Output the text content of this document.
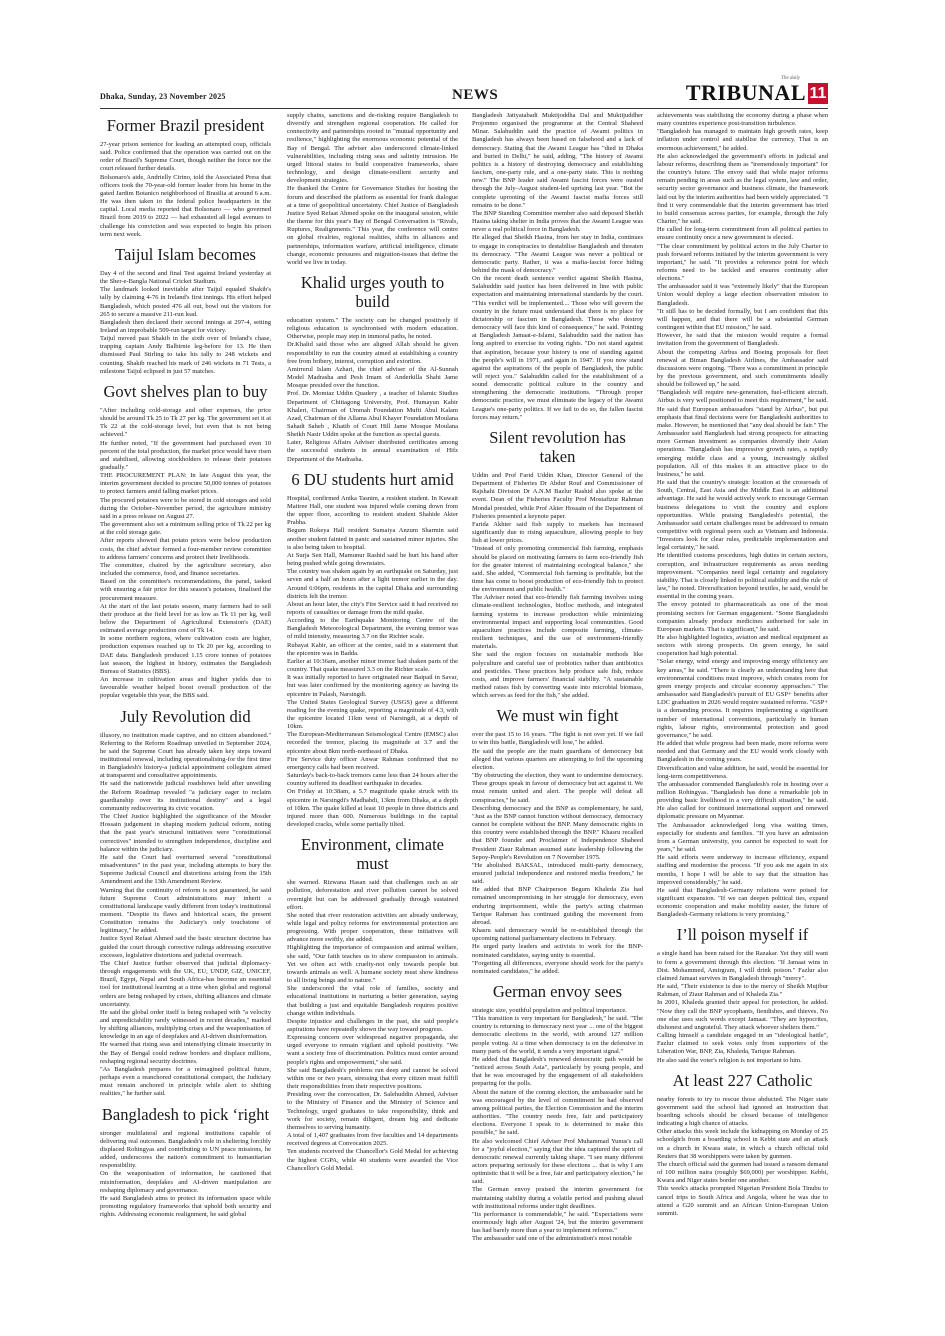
Dhaka, Sunday, 23 November 2025	NEWS
The daily
TRIBUNAL 11
Former Brazil president

27-year prison sentence for leading an attempted coup, officials said. Police confirmed that the operation was carried out on the order of Brazil's Supreme Court, though neither the force nor the court released further details.

Bolsonaro's aide, Andrielly Cirino, told the Associated Press that officers took the 70-year-old former leader from his home in the gated Jardim Botanico neighborhood of Brasilia at around 6 a.m. He was then taken to the federal police headquarters in the capital. Local media reported that Bolsonaro — who governed Brazil from 2019 to 2022 — had exhausted all legal avenues to challenge his conviction and was expected to begin his prison term next week.

Taijul Islam becomes

Day 4 of the second and final Test against Ireland yesterday at the Sher-e-Bangla National Cricket Stadium.

The landmark looked inevitable after Taijul equaled Shakib's tally by claiming 4-76 in Ireland's first innings. His effort helped Bangladesh, which posted 476 all out, bowl out the visitors for 265 to secure a massive 211-run lead.

Bangladesh then declared their second innings at 297-4, setting Ireland an improbable 509-run target for victory.

Taijul moved past Shakib in the sixth over of Ireland's chase, trapping captain Andy Balbirnie leg-before for 13. He then dismissed Paul Stirling to take his tally to 248 wickets and counting. Shakib reached his mark of 246 wickets in 71 Tests, a milestone Taijul eclipsed in just 57 matches.

Govt shelves plan to buy

"After including cold-storage and other expenses, the price should be around Tk 25 to Tk 27 per kg. The government set it at Tk 22 at the cold-storage level, but even that is not being achieved."

He further noted, "If the government had purchased even 10 percent of the total production, the market price would have risen and stabilised, allowing stockholders to release their potatoes gradually."

THE PROCUREMENT PLAN: In late August this year, the interim government decided to procure 50,000 tonnes of potatoes to protect farmers amid falling market prices.

The procured potatoes were to be stored in cold storages and sold during the October–November period, the agriculture ministry said in a press release on August 27.

The government also set a minimum selling price of Tk 22 per kg at the cold storage gate.

After reports showed that potato prices were below production costs, the chief adviser formed a four-member review committee to address farmers' concerns and protect their livelihoods.

The committee, chaired by the agriculture secretary, also included the commerce, food, and finance secretaries.

Based on the committee's recommendations, the panel, tasked with ensuring a fair price for this season's potatoes, finalised the procurement measure.

At the start of the last potato season, many farmers had to sell their produce at the field level for as low as Tk 11 per kg, well below the Department of Agricultural Extension's (DAE) estimated average production cost of Tk 14.

In some northern regions, where cultivation costs are higher, production expenses reached up to Tk 20 per kg, according to DAE data. Bangladesh produced 1.15 crore tonnes of potatoes last season, the highest in history, estimates the Bangladesh Bureau of Statistics (BBS).

An increase in cultivation areas and higher yields due to favourable weather helped boost overall production of the popular vegetable this year, the BBS said.

July Revolution did

illusory, no institution made captive, and no citizen abandoned." Referring to the Reform Roadmap unveiled in September 2024, he said the Supreme Court has already taken key steps toward institutional renewal, including operationalising-for the first time in Bangladesh's history-a judicial appointment collegium aimed at transparent and consultative appointments.

He said the nationwide judicial roadshows held after unveiling the Reform Roadmap revealed "a judiciary eager to reclaim guardianship over its institutional destiny" and a legal community rediscovering its civic vocation.

The Chief Justice highlighted the significance of the Mosder Hossain judgement in shaping modern judicial reform, noting that the past year's structural initiatives were "constitutional correctives" intended to strengthen independence, discipline and balance within the judiciary.

He said the Court had overturned several "constitutional misadventures" in the past year, including attempts to bury the Supreme Judicial Council and distortions arising from the 15th Amendment and the 13th Amendment Review.

Warning that the continuity of reform is not guaranteed, he said future Supreme Court administrations may inherit a constitutional landscape vastly different from today's institutional moment. "Despite its flaws and historical scars, the present Constitution remains the Judiciary's only touchstone of legitimacy," he added.

Justice Syed Refaat Ahmed said the basic structure doctrine has guided the court through corrective rulings addressing executive excesses, legislative distortions and judicial overreach.

The Chief Justice further observed that judicial diplomacy-through engagements with the UK, EU, UNDP, GIZ, UNICEF, Brazil, Egypt, Nepal and South Africa-has become an essential tool for institutional learning at a time when global and regional orders are being reshaped by crises, shifting alliances and climate uncertainty.

He said the global order itself is being reshaped with "a velocity and unpredictability rarely witnessed in recent decades," marked by shifting alliances, multiplying crises and the weaponisation of knowledge in an age of deepfakes and AI-driven disinformation.

He warned that rising seas and intensifying climate insecurity in the Bay of Bengal could redraw borders and displace millions, reshaping regional security doctrines.

"As Bangladesh prepares for a reimagined political future, perhaps even a reanchored constitutional compact, the Judiciary must remain anchored in principle while alert to shifting realities," he further said.

Bangladesh to pick ‘right

stronger multilateral and regional institutions capable of delivering real outcomes. Bangladesh's role in sheltering forcibly displaced Rohingyas and contributing to UN peace missions, he added, underscores the nation's commitment to humanitarian responsibility.

On the weaponisation of information, he cautioned that misinformation, deepfakes and AI-driven manipulation are reshaping diplomacy and governance.

He said Bangladesh aims to protect its information space while promoting regulatory frameworks that uphold both security and rights. Addressing economic realignment, he said global

supply chains, sanctions and de-risking require Bangladesh to diversify and strengthen regional cooperation. He called for connectivity and partnerships rooted in "mutual opportunity and resilience," highlighting the enormous economic potential of the Bay of Bengal. The adviser also underscored climate-linked vulnerabilities, including rising seas and salinity intrusion. He urged littoral states to build cooperative frameworks, share technology, and design climate-resilient security and development strategies.

He thanked the Centre for Governance Studies for hosting the forum and described the platform as essential for frank dialogue at a time of geopolitical uncertainty. Chief Justice of Bangladesh Justice Syed Refaat Ahmed spoke on the inaugural session, while the theme for this year's Bay of Bengal Conversation is "Rivals, Ruptures, Realignments." This year, the conference will centre on global rivalries, regional realities, shifts in alliances and partnerships, information warfare, artificial intelligence, climate change, economic pressures and migration-issues that define the world we live in today.

Khalid urges youth to build

education system." The society can be changed positively if religious education is synchronised with modern education. Otherwise, people may step in immoral paths, he noted.

Dr.Khalid said those who are aligned Allah should be given responsibility to run the country aimed at establishing a country free from bribery, interest, corruption and extortion.

Amirrerul Islam Azhari, the chief adviser of the Al-Sunnah Model Madrasha and Pesh Imam of Anderkilla Shahi Jame Mosque presided over the function.

Prof. Dr. Momtaz Uddin Quadery , a teacher of Islamic Studies Department of Chittagong University, Prof. Humayun Kabir Khaleri, Chairman of Ummah Foundation Mufti Abul Kalam Azad, Chairman of the Allama Abul Khayer Foundation Moulana Sahadt Saheb , Khatib of Court Hill Jame Mosque Moulana Sheikh Nasir Uddin spoke at the function as special guests.

Later, Religious Affairs Adviser distributed certificates among the successful students in annual examination of Hifz Department of the Madrasha.

6 DU students hurt amid

Hospital, confirmed Anika Tasnim, a resident student. In Kuwait Maitree Hall, one student was injured while coming down from the upper floor, according to resident student Shahide Akter Prabha.

Begum Rokeya Hall resident Sumaiya Anzum Sharmin said another student fainted in panic and sustained minor injuries. She is also being taken to hospital.

At Surja Sen Hall, Mamunur Rashid said he hurt his hand after being pushed while going downstairs.

The country was shaken again by an earthquake on Saturday, just seven and a half an hours after a light tremor earlier in the day. Around 6:06pm, residents in the capital Dhaka and surrounding districts felt the tremor.

About an hour later, the city's Fire Service said it had received no reports of casualties or damage from the mild quake.

According to the Earthquake Monitoring Centre of the Bangladesh Meteorological Department, the evening tremor was of mild intensity, measuring 3.7 on the Richter scale.

Rubayat Kabir, an officer at the centre, said in a statement that the epicentre was in Badda.

Earlier at 10:36am, another minor tremor had shaken parts of the country. That quake measured 3.3 on the Richter scale.

It was initially reported to have originated near Baipail in Savar, but was later confirmed by the monitoring agency as having its epicentre in Palash, Narsingdi.

The United States Geological Survey (USGS) gave a different reading for the evening quake, reporting a magnitude of 4.3, with the epicentre located 11km west of Narsingdi, at a depth of 10km.

The European-Mediterranean Seismological Centre (EMSC) also recorded the tremor, placing its magnitude at 3.7 and the epicentre about 8km north-northeast of Dhaka.

Fire Service duty officer Anwar Rahman confirmed that no emergency calls had been received.

Saturday's back-to-back tremors came less than 24 hours after the country suffered its deadliest earthquake in decades.

On Friday at 10:38am, a 5.7 magnitude quake struck with its epicentre in Narsingdi's Madhabdi, 13km from Dhaka, at a depth of 10km. The quake killed at least 10 people in three districts and injured more than 600. Numerous buildings in the capital developed cracks, while some partially tilted.

Environment, climate must

she warned. Rizwana Hasan said that challenges such as air pollution, deforestation and river pollution cannot be solved overnight but can be addressed gradually through sustained effort.

She noted that river restoration activities are already underway, while legal and policy reforms for environmental protection are progressing. With proper cooperation, these initiatives will advance more swiftly, she added.

Highlighting the importance of compassion and animal welfare, she said, "Our faith teaches us to show compassion to animals. Yet we often act with cruelty-not only towards people but towards animals as well. A humane society must show kindness to all living beings and to nature."

She underscored the vital role of families, society and educational institutions in nurturing a better generation, saying that building a just and equitable Bangladesh requires positive change within individuals.

Despite injustice and challenges in the past, she said people's aspirations have repeatedly shown the way toward progress.

Expressing concern over widespread negative propaganda, she urged everyone to remain vigilant and uphold positivity. "We want a society free of discrimination. Politics must center around people's rights and empowerment," she said.

She said Bangladesh's problems run deep and cannot be solved within one or two years, stressing that every citizen must fulfill their responsibilities from their respective positions.

Presiding over the convocation, Dr. Salehuddin Ahmed, Adviser to the Ministry of Finance and the Ministry of Science and Technology, urged graduates to take responsibility, think and work for society, remain diligent, dream big and dedicate themselves to serving humanity.

A total of 1,407 graduates from five faculties and 14 departments received degrees at Convocation 2025.

Ten students received the Chancellor's Gold Medal for achieving the highest CGPA, while 40 students were awarded the Vice Chancellor's Gold Medal.

Bangladesh Jatiyatabadi Muktijoddha Dal and Muktijuddher Projonmo organised the programme at the Central Shaheed Minar. Salahuddin said the practice of Awami politics in Bangladesh has always been based on falsehood and a lack of democracy. Stating that the Awami League has "died in Dhaka and buried in Delhi," he said, adding, "The history of Awami politics is a history of destroying democracy and establishing fascism, one-party rule, and a one-party state. This is nothing new." The BNP leader said Awami fascist forces were ousted through the July–August student-led uprising last year. "But the complete uprooting of the Awami fascist mafia forces still remains to be done."

The BNP Standing Committee member also said deposed Sheikh Hasina taking shelter in India proves that the Awami League was never a real political force in Bangladesh.

He alleged that Sheikh Hasina, from her stay in India, continues to engage in conspiracies to destabilise Bangladesh and threaten its democracy. "The Awami League was never a political or democratic party. Rather, it was a mafia-fascist force hiding behind the mask of democracy."

On the recent death sentence verdict against Sheikh Hasina, Salahuddin said justice has been delivered in line with public expectation and maintaining international standards by the court. "This verdict will be implemented.... Those who will govern the country in the future must understand that there is no place for dictatorship or fascism in Bangladesh. Those who destroy democracy will face this kind of consequence," he said. Pointing at Bangladesh Jamaat-e-Islami, Salahuddin said the nation has long aspired to exercise its voting rights. "Do not stand against that aspiration, because your history is one of standing against the people's will in 1971, and again in 1947. If you now stand against the aspirations of the people of Bangladesh, the public will reject you." Salahuddin called for the establishment of a sound democratic political culture in the country and strengthening the democratic institutions. "Through proper democratic practice, we must eliminate the legacy of the Awami League's one-party politics. If we fail to do so, the fallen fascist forces may return."

Silent revolution has taken

Uddin and Prof Farid Uddin Khan, Director General of the Department of Fisheries Dr Abdur Rouf and Commissioner of Rajshahi Division Dr A.N.M Bazlur Rashid also spoke at the event. Dean of the Fisheries Faculty Prof Mostafizur Rahman Mondal presided, while Prof Akter Hossain of the Department of Fisheries presented a keynote paper.

Farida Akhter said fish supply to markets has increased significantly due to rising aquaculture, allowing people to buy fish at lower prices.

"Instead of only promoting commercial fish farming, emphasis should be placed on motivating farmers to farm eco-friendly fish for the greater interest of maintaining ecological balance," she said. She added, "Commercial fish farming is profitable, but the time has come to boost production of eco-friendly fish to protect the environment and public health."

The Adviser noted that eco-friendly fish farming involves using climate-resilient technologies, biofloc methods, and integrated farming systems to increase production while minimizing environmental impact and supporting local communities. Good aquaculture practices include composite farming, climate-resilient techniques, and the use of environment-friendly materials.

She said the region focuses on sustainable methods like polyculture and careful use of probiotics rather than antibiotics and pesticides. These practices help produce safe fish, reduce costs, and improve farmers' financial stability. "A sustainable method raises fish by converting waste into microbial biomass, which serves as feed for the fish," she added.

We must win fight

over the past 15 to 16 years. "The fight is not over yet. If we fail to win this battle, Bangladesh will lose," he added.

He said the people are the main guardians of democracy but alleged that various quarters are attempting to foil the upcoming election.

"By obstructing the election, they want to undermine democracy. These groups speak in favour of democracy but act against it. We must remain united and alert. The people will defeat all conspiracies," he said.

Describing democracy and the BNP as complementary, he said, "Just as the BNP cannot function without democracy, democracy cannot be complete without the BNP. Many democratic rights in this country were established through the BNP." Khasru recalled that BNP founder and Proclaimer of Independence Shaheed President Ziaur Rahman assumed state leadership following the Sepoy-People's Revolution on 7 November 1975.

"He abolished BAKSAL, introduced multi-party democracy, ensured judicial independence and restored media freedom," he said.

He added that BNP Chairperson Begum Khaleda Zia had remained uncompromising in her struggle for democracy, even enduring imprisonment, while the party's acting chairman Tarique Rahman has continued guiding the movement from abroad.

Khasru said democracy would be re-established through the upcoming national parliamentary elections in February.

He urged party leaders and activists to work for the BNP-nominated candidates, saying unity is essential.

"Forgetting all differences, everyone should work for the party's nominated candidates," he added.

German envoy sees

strategic size, youthful population and political importance.

"This transition is very important for Bangladesh," he said. "The country is returning to democracy next year ... one of the biggest democratic elections in the world, with around 127 million people voting. At a time when democracy is on the defensive in many parts of the world, it sends a very important signal."

He added that Bangladesh's renewed democratic path would be "noticed across South Asia", particularly by young people, and that he was encouraged by the engagement of all stakeholders preparing for the polls.

About the nature of the coming election, the ambassador said he was encouraged by the level of commitment he had observed among political parties, the Election Commission and the interim authorities. "The country needs free, fair and participatory elections. Everyone I speak to is determined to make this possible," he said.

He also welcomed Chief Adviser Prof Muhammad Yunus's call for a "joyful election," saying that the idea captured the spirit of democratic renewal currently taking shape. "I see many different actors preparing seriously for these elections ... that is why I am optimistic that it will be a free, fair and participatory election," he said.

The German envoy praised the interim government for maintaining stability during a volatile period and pushing ahead with institutional reforms under tight deadlines.

"Its performance is commendable," he said. "Expectations were enormously high after August '24, but the interim government has had barely more than a year to implement reforms."

The ambassador said one of the administration's most notable

achievements was stabilising the economy during a phase when many countries experience post-transition turbulence.

"Bangladesh has managed to maintain high growth rates, keep inflation under control and stabilise the currency. That is an enormous achievement," he added.

He also acknowledged the government's efforts in judicial and labour reforms, describing them as "tremendously important" for the country's future. The envoy said that while major reforms remain pending in areas such as the legal system, law and order, security sector governance and business climate, the framework laid out by the interim authorities had been widely appreciated. "I find it very commendable that the interim government has tried to build consensus across parties, for example, through the July Charter," he said.

He called for long-term commitment from all political parties to ensure continuity once a new government is elected.

"The clear commitment by political actors in the July Charter to push forward reforms initiated by the interim government is very important," he said. "It provides a reference point for which reforms need to be tackled and ensures continuity after elections."

The ambassador said it was "extremely likely" that the European Union would deploy a large election observation mission to Bangladesh.

"It still has to be decided formally, but I am confident that this will happen, and that there will be a substantial German contingent within that EU mission," he said.

However, he said that the mission would require a formal invitation from the government of Bangladesh.

About the competing Airbus and Boeing proposals for fleet renewal at Biman Bangladesh Airlines, the Ambassador said discussions were ongoing. "There was a commitment in principle by the previous government, and such commitments ideally should be followed up," he said.

"Bangladesh will require new-generation, fuel-efficient aircraft. Airbus is very well positioned to meet this requirement," he said. He said that European ambassadors "stand by Airbus", but put emphasis that final decisions were for Bangladeshi authorities to make. However, he mentioned that "any deal should be fair." The Ambassador said Bangladesh had strong prospects for attracting more German investment as companies diversify their Asian operations. "Bangladesh has impressive growth rates, a rapidly emerging middle class and a young, increasingly skilled population. All of this makes it an attractive place to do business," he said.

He said that the country's strategic location at the crossroads of South, Central, East Asia and the Middle East is an additional advantage. He said he would actively work to encourage German business delegations to visit the country and explore opportunities. While praising Bangladesh's potential, the Ambassador said certain challenges must be addressed to remain competitive with regional peers such as Vietnam and Indonesia. "Investors look for clear rules, predictable implementation and legal certainty," he said.

He identified customs procedures, high duties in certain sectors, corruption, and infrastructure requirements as areas needing improvement. "Companies need legal certainty and regulatory stability. That is closely linked to political stability and the rule of law," he noted. Diversification beyond textiles, he said, would be essential in the coming years.

The envoy pointed to pharmaceuticals as one of the most promising sectors for German engagement. "Some Bangladeshi companies already produce medicines authorised for sale in European markets. That is significant," he said.

He also highlighted logistics, aviation and medical equipment as sectors with strong prospects. On green energy, he said cooperation had high potential.

"Solar energy, wind energy and improving energy efficiency are key areas," he said. "There is clearly an understanding here that environmental conditions must improve, which creates room for green energy projects and circular economy approaches." The ambassador said Bangladesh's pursuit of EU GSP+ benefits after LDC graduation in 2026 would require sustained reforms. "GSP+ is a demanding process. It requires implementing a significant number of international conventions, particularly in human rights, labour rights, environmental protection and good governance," he said.

He added that while progress had been made, more reforms were needed and that Germany and the EU would work closely with Bangladesh in the coming years.

Diversification and value addition, he said, would be essential for long-term competitiveness.

The ambassador commended Bangladesh's role in hosting over a million Rohingyas. "Bangladesh has done a remarkable job in providing basic livelihood in a very difficult situation," he said. He also called for continued international support and renewed diplomatic pressure on Myanmar.

The Ambassador acknowledged long visa waiting times, especially for students and families. "If you have an admission from a German university, you cannot be expected to wait for years," he said.

He said efforts were underway to increase efficiency, expand staffing and modernise the process. "If you ask me again in six months, I hope I will be able to say that the situation has improved considerably," he said.

He said that Bangladesh-Germany relations were poised for significant expansion. "If we can deepen political ties, expand economic cooperation and make mobility easier, the future of Bangladesh-Germany relations is very promising."

I’ll poison myself if

a single hand has been raised for the Razakar. Yet they still want to form a government through this election. "If Jamaat wins in Dist. Mohammed, Amirgram, I will drink poison." Fazlur also claimed Jamaat survives in Bangladesh through "mercy".

He said, "Their existence is due to the mercy of Sheikh Mujibur Rahman, of Ziaur Rahman and of Khaleda Zia."

In 2001, Khaleda granted their appeal for protection, he added. "Now they call the BNP sycophants, fiendishes, and thieves. No one else uses such words except Jamaat. "They are hypocrites, dishonest and ungrateful. They attack whoever shelters them."

Calling himself a candidate engaged in an "ideological battle", Fazlur claimed to seek votes only from supporters of the Liberation War, BNP, Zia, Khaleda, Tarique Rahman.

He also said the voter's religion is not important to him.

At least 227 Catholic

nearby forests to try to rescue those abducted. The Niger state government said the school had ignored an instruction that boarding schools should be closed because of intelligence indicating a high chance of attacks.

Other attacks this week include the kidnapping on Monday of 25 schoolgirls from a boarding school in Kebbi state and an attack on a church in Kwara state, in which a church official told Reuters that 38 worshippers were taken by gunmen.

The church official said the gunmen had issued a ransom demand of 100 million naira (roughly $69,000) per worshipper. Kebbi, Kwara and Niger states border one another.

This week's attacks prompted Nigerian President Bola Tinubu to cancel trips to South Africa and Angola, where he was due to attend a G20 summit and an African Union-European Union summit.
